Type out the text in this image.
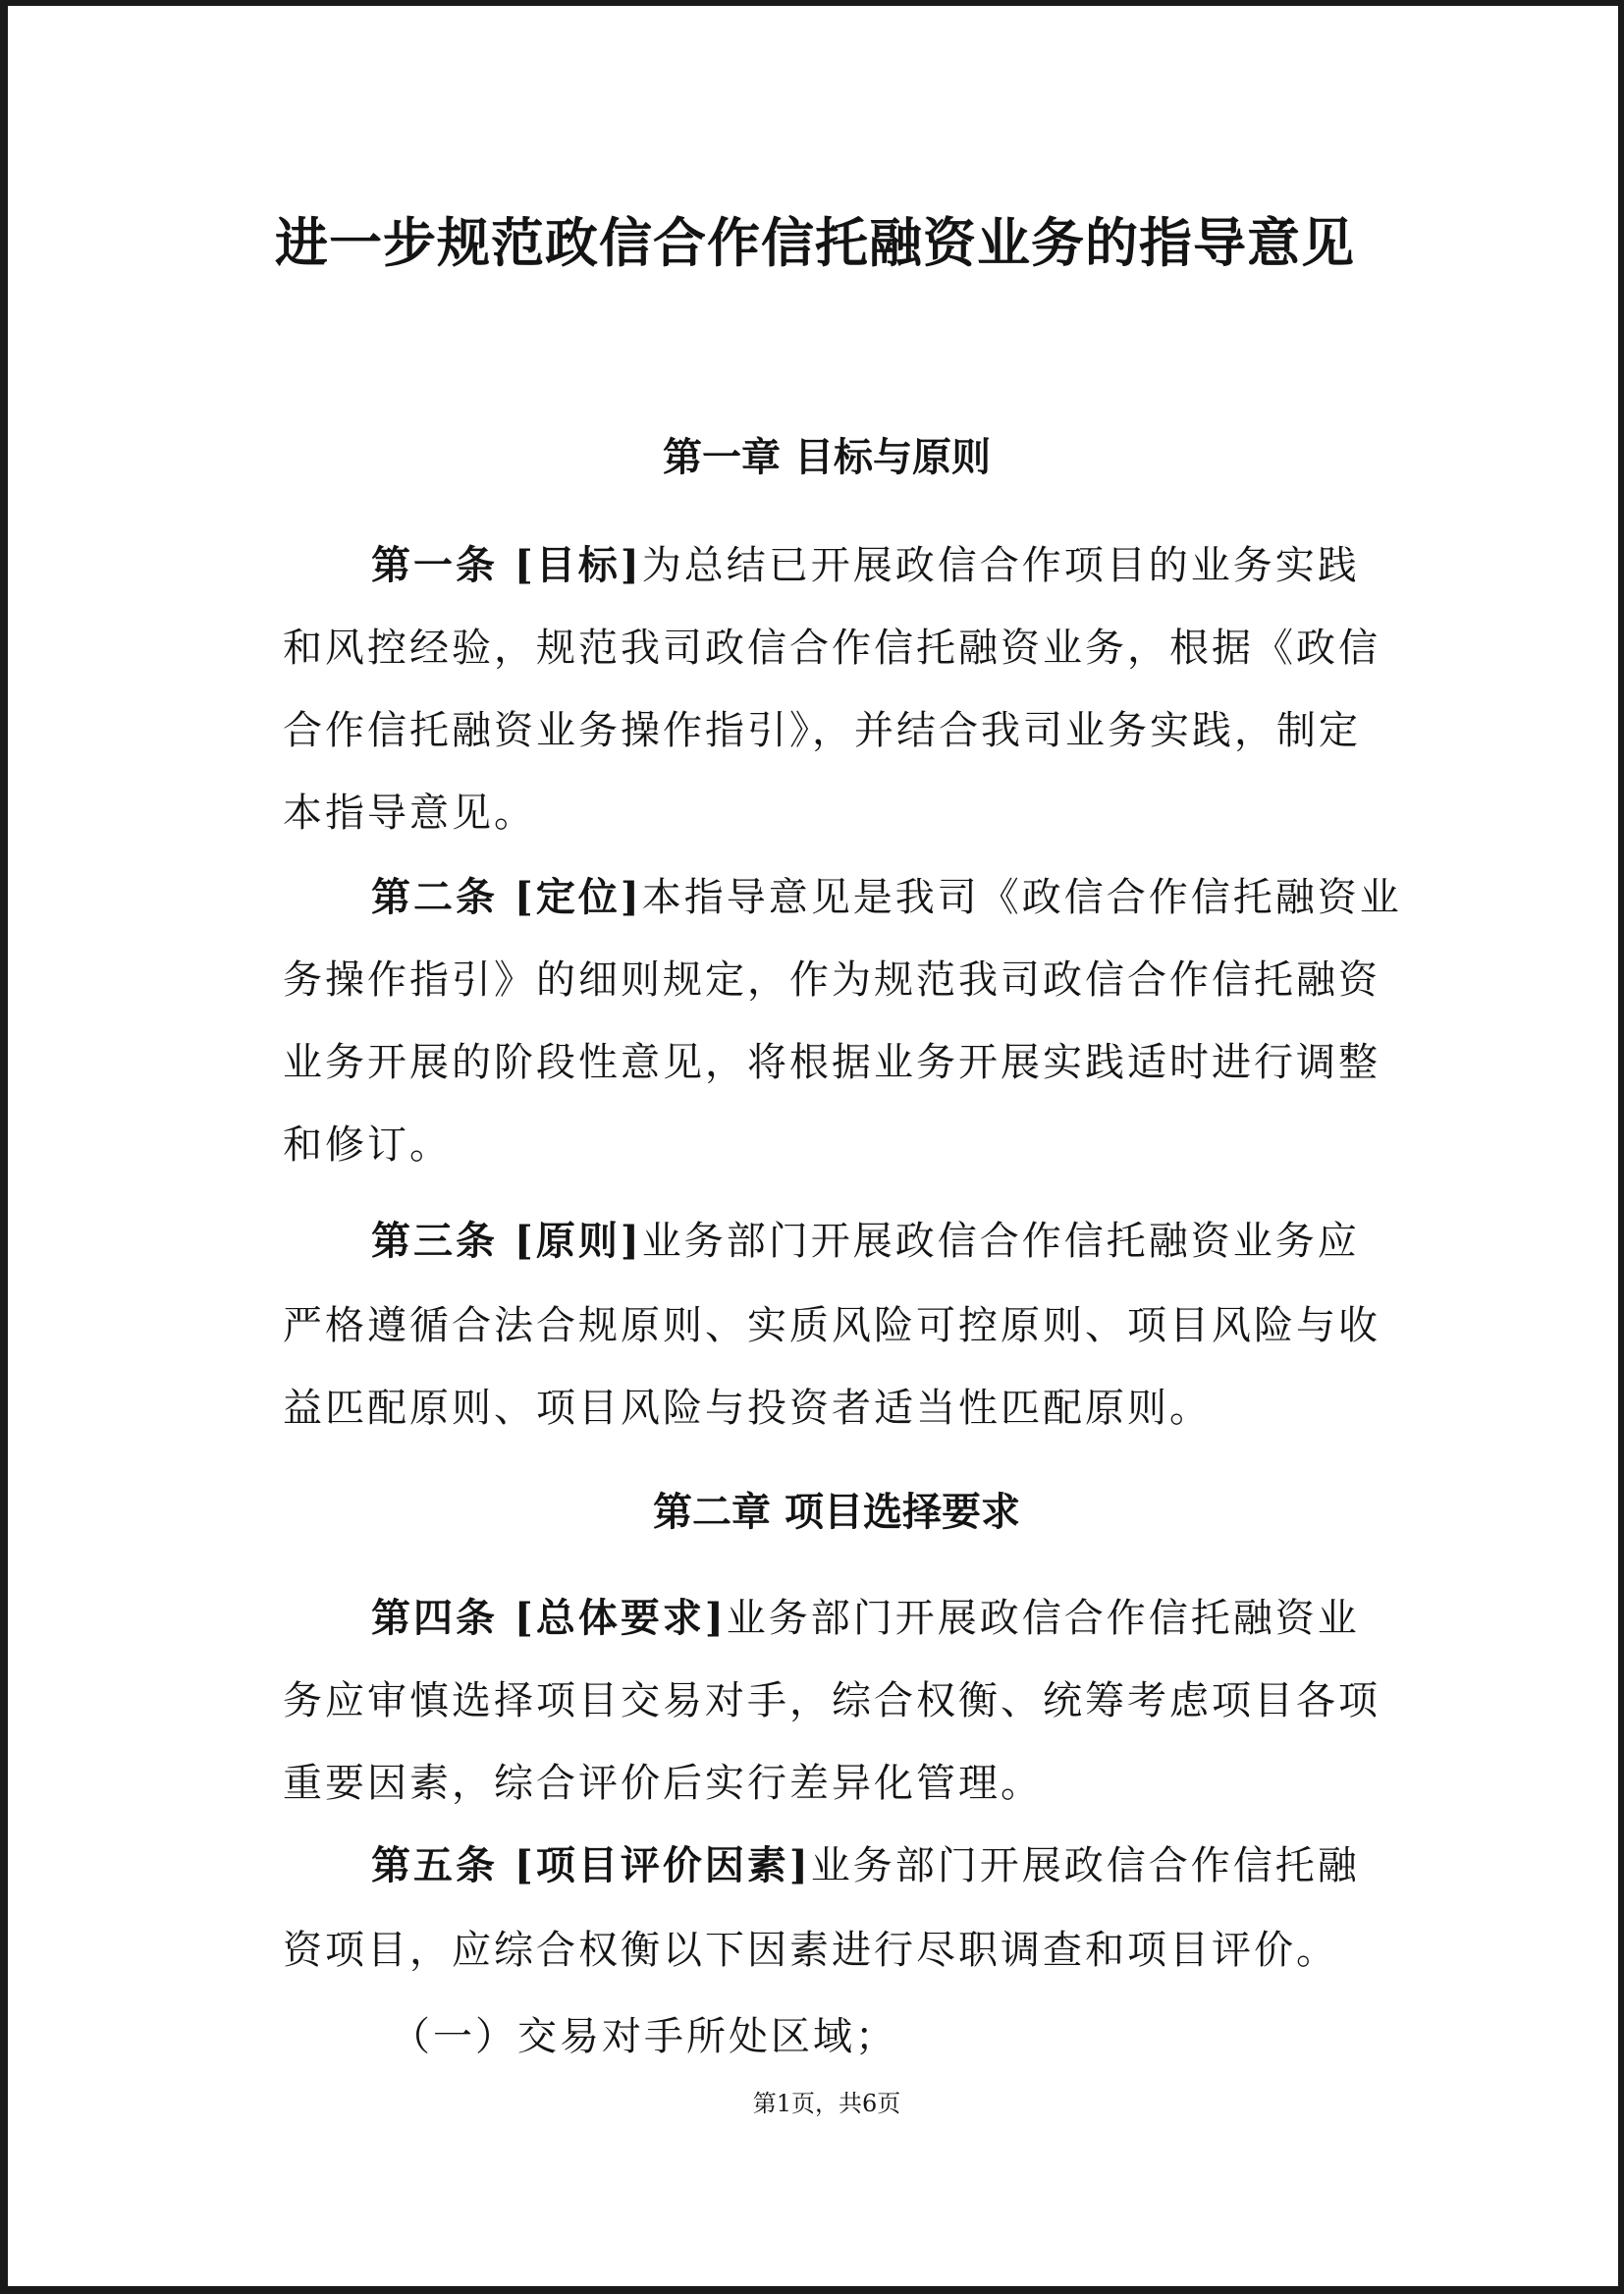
进一步规范政信合作信托融资业务的指导意见
第一章 目标与原则
第一条 [目标]为总结已开展政信合作项目的业务实践
和风控经验，规范我司政信合作信托融资业务，根据《政信
合作信托融资业务操作指引》，并结合我司业务实践，制定
本指导意见。
第二条 [定位]本指导意见是我司《政信合作信托融资业
务操作指引》的细则规定，作为规范我司政信合作信托融资
业务开展的阶段性意见，将根据业务开展实践适时进行调整
和修订。
第三条 [原则]业务部门开展政信合作信托融资业务应
严格遵循合法合规原则、实质风险可控原则、项目风险与收
益匹配原则、项目风险与投资者适当性匹配原则。
第二章 项目选择要求
第四条 [总体要求]业务部门开展政信合作信托融资业
务应审慎选择项目交易对手，综合权衡、统筹考虑项目各项
重要因素，综合评价后实行差异化管理。
第五条 [项目评价因素]业务部门开展政信合作信托融
资项目，应综合权衡以下因素进行尽职调查和项目评价。
（一）交易对手所处区域；
第1页，共6页
